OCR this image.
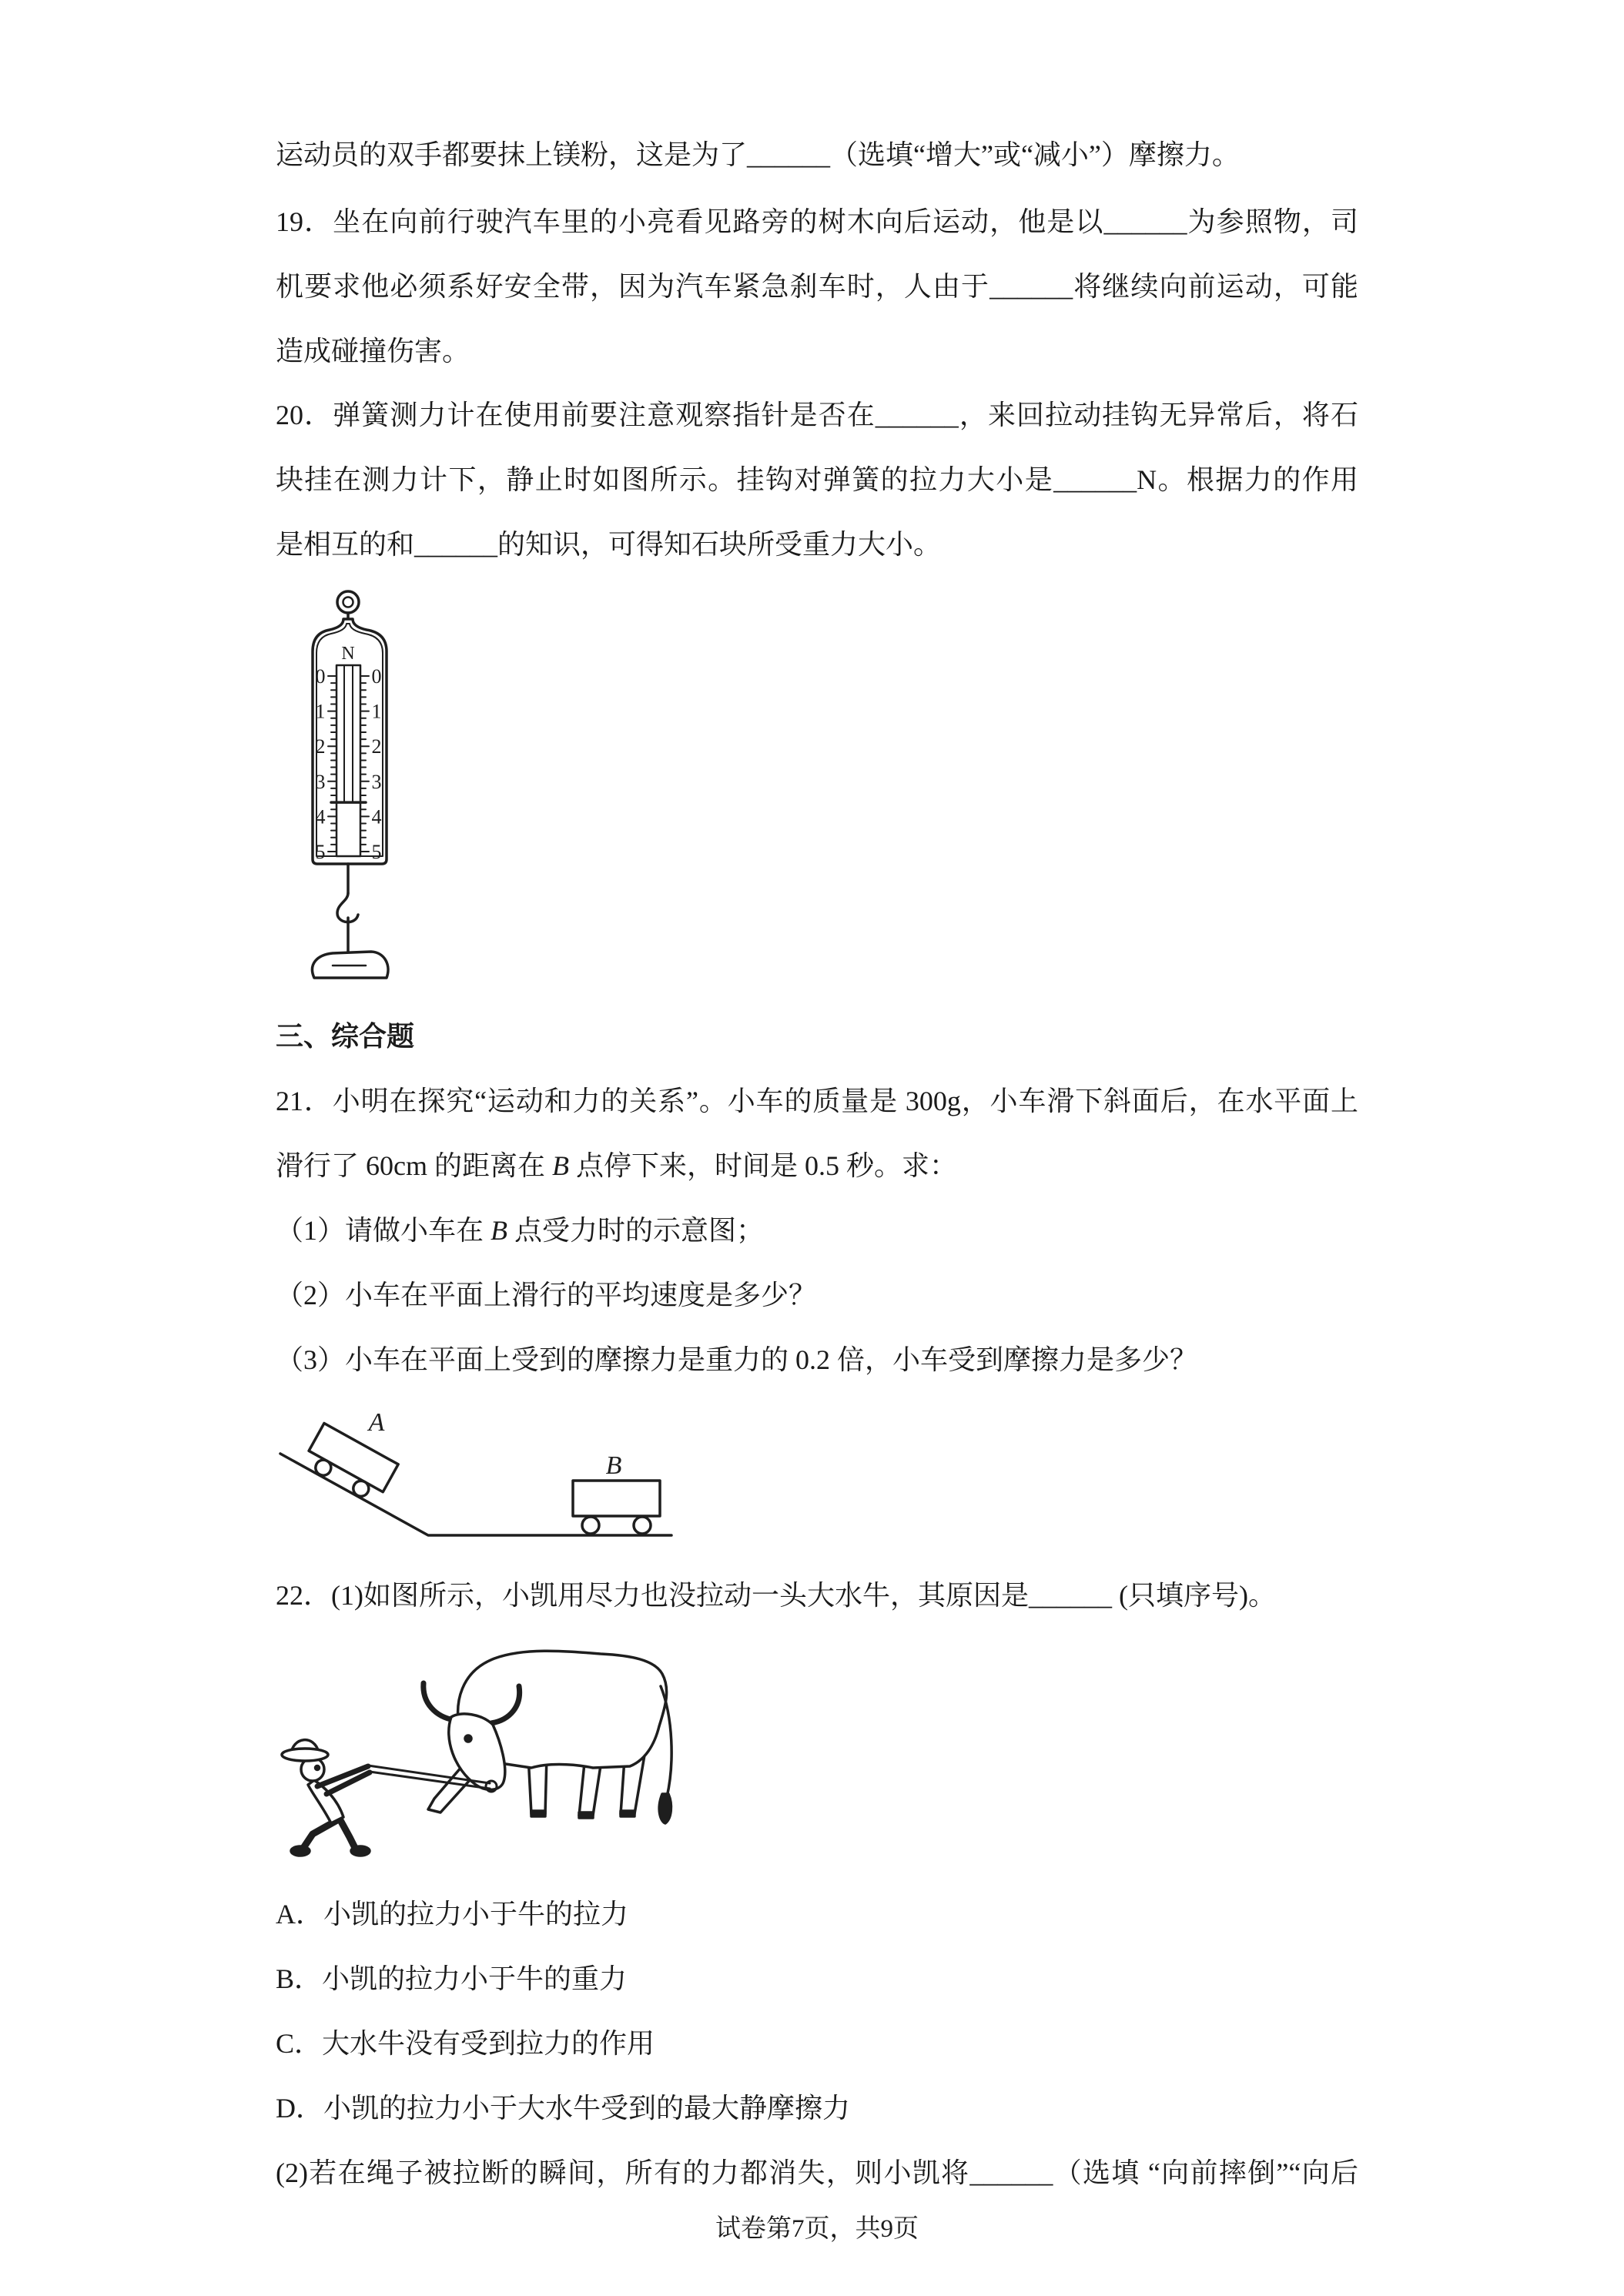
运动员的双手都要抹上镁粉，这是为了______（选填“增大”或“减小”）摩擦力。
19．坐在向前行驶汽车里的小亮看见路旁的树木向后运动，他是以______为参照物，司
机要求他必须系好安全带，因为汽车紧急刹车时，人由于______将继续向前运动，可能
造成碰撞伤害。
20．弹簧测力计在使用前要注意观察指针是否在______，来回拉动挂钩无异常后，将石
块挂在测力计下，静止时如图所示。挂钩对弹簧的拉力大小是______N。根据力的作用
是相互的和______的知识，可得知石块所受重力大小。
N
0
1
2
3
4
5
0
1
2
3
4
5
三、综合题
21．小明在探究“运动和力的关系”。小车的质量是 300g，小车滑下斜面后，在水平面上
滑行了 60cm 的距离在 B 点停下来，时间是 0.5 秒。求：
（1）请做小车在 B 点受力时的示意图；
（2）小车在平面上滑行的平均速度是多少？
（3）小车在平面上受到的摩擦力是重力的 0.2 倍，小车受到摩擦力是多少？
A
B
22．(1)如图所示，小凯用尽力也没拉动一头大水牛，其原因是______ (只填序号)。
A．小凯的拉力小于牛的拉力
B．小凯的拉力小于牛的重力
C．大水牛没有受到拉力的作用
D．小凯的拉力小于大水牛受到的最大静摩擦力
(2)若在绳子被拉断的瞬间，所有的力都消失，则小凯将______（选填 “向前摔倒”“向后
试卷第7页，共9页
